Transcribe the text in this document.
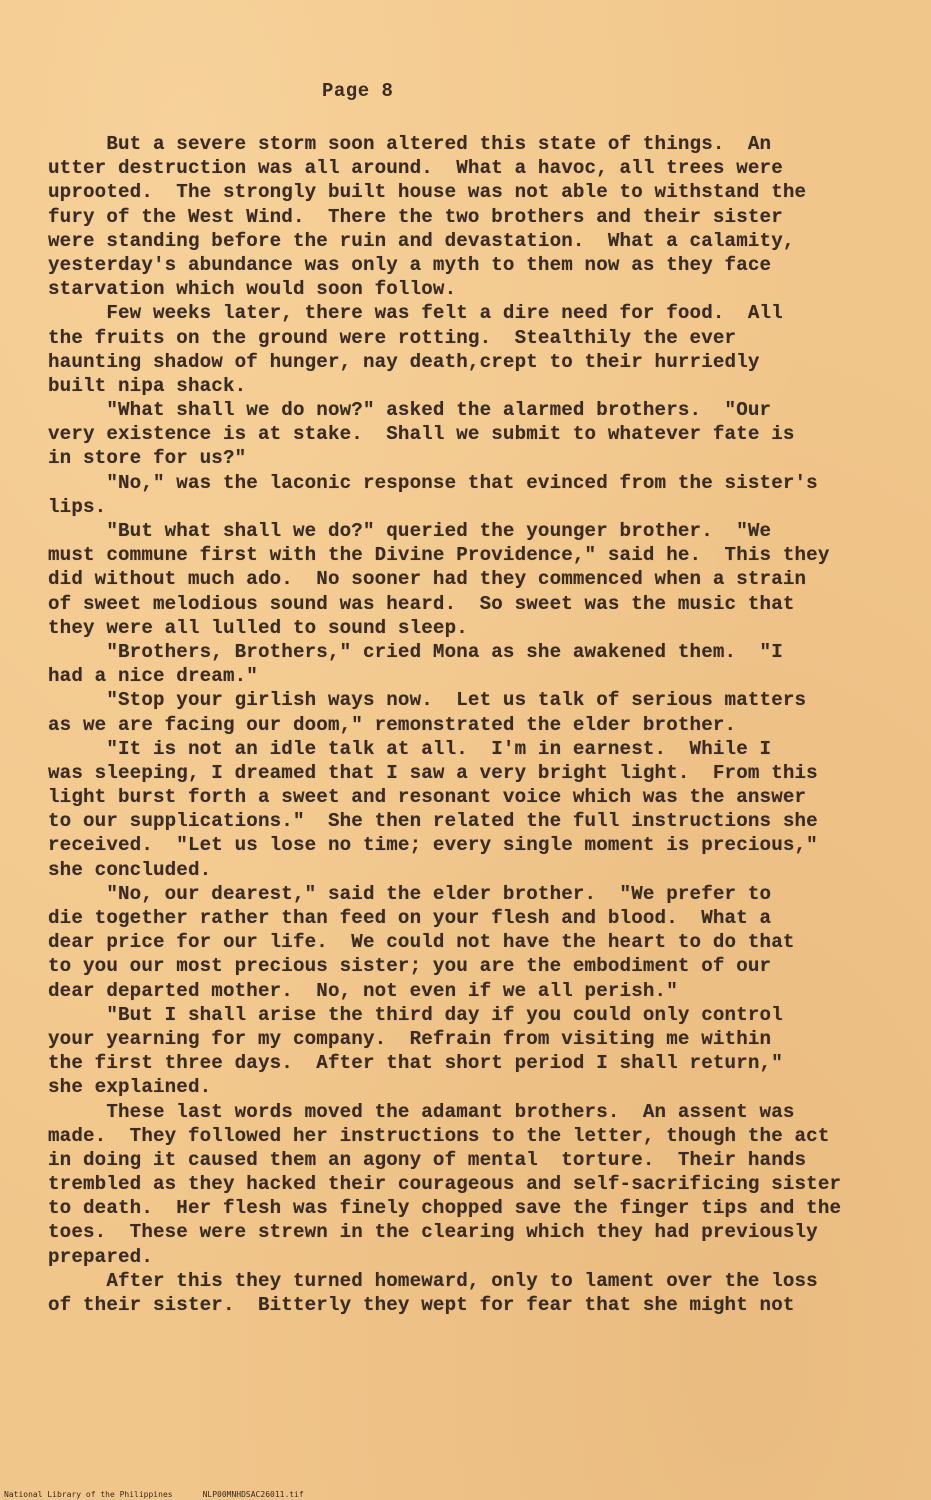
Page 8
But a severe storm soon altered this state of things.  An
utter destruction was all around.  What a havoc, all trees were
uprooted.  The strongly built house was not able to withstand the
fury of the West Wind.  There the two brothers and their sister
were standing before the ruin and devastation.  What a calamity,
yesterday's abundance was only a myth to them now as they face
starvation which would soon follow.
Few weeks later, there was felt a dire need for food.  All
the fruits on the ground were rotting.  Stealthily the ever
haunting shadow of hunger, nay death,crept to their hurriedly
built nipa shack.
"What shall we do now?" asked the alarmed brothers.  "Our
very existence is at stake.  Shall we submit to whatever fate is
in store for us?"
"No," was the laconic response that evinced from the sister's
lips.
"But what shall we do?" queried the younger brother.  "We
must commune first with the Divine Providence," said he.  This they
did without much ado.  No sooner had they commenced when a strain
of sweet melodious sound was heard.  So sweet was the music that
they were all lulled to sound sleep.
"Brothers, Brothers," cried Mona as she awakened them.  "I
had a nice dream."
"Stop your girlish ways now.  Let us talk of serious matters
as we are facing our doom," remonstrated the elder brother.
"It is not an idle talk at all.  I'm in earnest.  While I
was sleeping, I dreamed that I saw a very bright light.  From this
light burst forth a sweet and resonant voice which was the answer
to our supplications."  She then related the full instructions she
received.  "Let us lose no time; every single moment is precious,"
she concluded.
"No, our dearest," said the elder brother.  "We prefer to
die together rather than feed on your flesh and blood.  What a
dear price for our life.  We could not have the heart to do that
to you our most precious sister; you are the embodiment of our
dear departed mother.  No, not even if we all perish."
"But I shall arise the third day if you could only control
your yearning for my company.  Refrain from visiting me within
the first three days.  After that short period I shall return,"
she explained.
These last words moved the adamant brothers.  An assent was
made.  They followed her instructions to the letter, though the act
in doing it caused them an agony of mental  torture.  Their hands
trembled as they hacked their courageous and self-sacrificing sister
to death.  Her flesh was finely chopped save the finger tips and the
toes.  These were strewn in the clearing which they had previously
prepared.
After this they turned homeward, only to lament over the loss
of their sister.  Bitterly they wept for fear that she might not
National Library of the Philippines	NLP00MNHDSAC26011.tif
